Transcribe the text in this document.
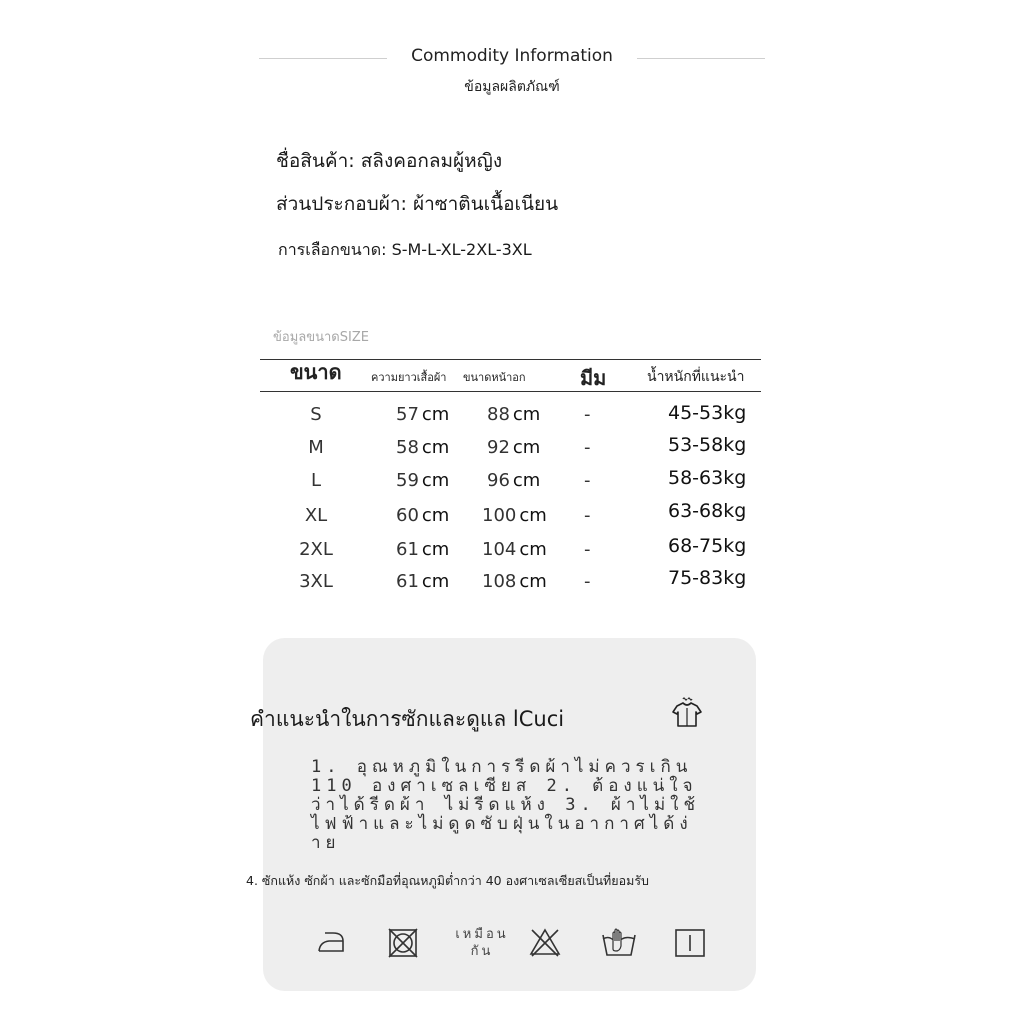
Commodity Information
ข้อมูลผลิตภัณฑ์
ชื่อสินค้า: สลิงคอกลมผู้หญิง
ส่วนประกอบผ้า: ผ้าซาตินเนื้อเนียน
การเลือกขนาด: S-M-L-XL-2XL-3XL
ข้อมูลขนาดSIZE
ขนาด	ความยาวเสื้อผ้า ขนาดหน้าอก	มีม	น้ำหนักที่แนะนำ
S	57 cm 88 cm -	45-53kg
M	58 cm 92 cm -	53-58kg
L	59 cm 96 cm -	58-63kg
XL	60 cm 100 cm -	63-68kg
2XL	61 cm 104 cm -	68-75kg
3XL	61 cm 108 cm -	75-83kg
คำแนะนำในการซักและดูแล lCuci
1. อุณหภูมิในการรีดผ้าไม่ควรเกิน 110 องศาเซลเซียส 2. ต้องแน่ใจว่าได้รีดผ้า ไม่รีดแห้ง 3. ผ้าไม่ใช้ไฟฟ้าและไม่ดูดซับฝุ่นในอากาศได้ง่าย
4. ซักแห้ง ซักผ้า และซักมือที่อุณหภูมิต่ำกว่า 40 องศาเซลเซียสเป็นที่ยอมรับ
เหมือนกัน
